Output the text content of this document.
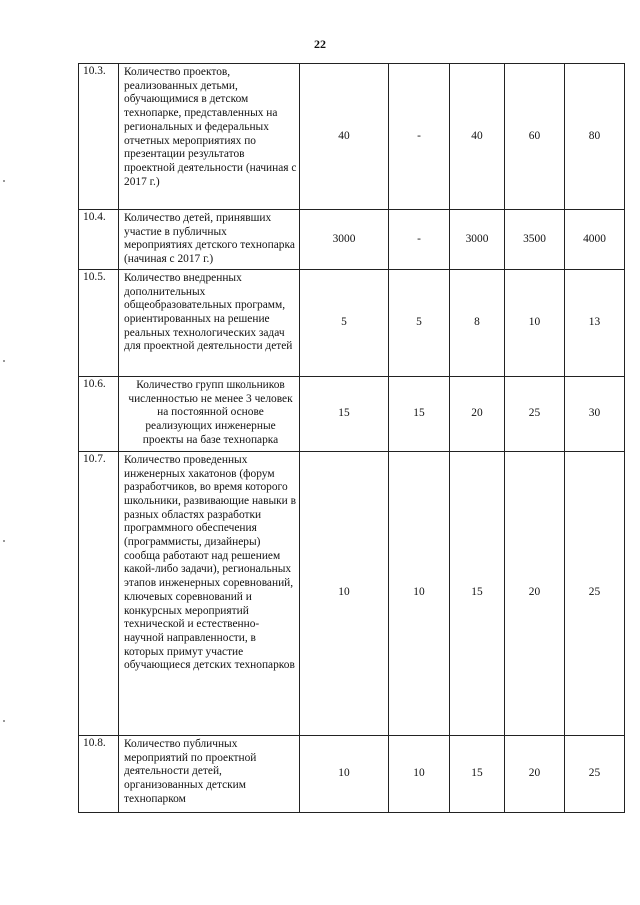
22
10.3.	Количество проектов, реализованных детьми, обучающимися в детском технопарке, представленных на региональных и федеральных отчетных мероприятиях по презентации результатов проектной деятельности (начиная с 2017 г.)	40	-	40	60	80
10.4.	Количество детей, принявших участие в публичных мероприятиях детского технопарка (начиная с 2017 г.)	3000	-	3000	3500	4000
10.5.	Количество внедренных дополнительных общеобразовательных программ, ориентированных на решение реальных технологических задач для проектной деятельности детей	5	5	8	10	13
10.6.	Количество групп школьников численностью не менее 3 человек на постоянной основе реализующих инженерные проекты на базе технопарка	15	15	20	25	30
10.7.	Количество проведенных инженерных хакатонов (форум разработчиков, во время которого школьники, развивающие навыки в разных областях разработки программного обеспечения (программисты, дизайнеры) сообща работают над решением какой-либо задачи), региональных этапов инженерных соревнований, ключевых соревнований и конкурсных мероприятий технической и естественно-научной направленности, в которых примут участие обучающиеся детских технопарков	10	10	15	20	25
10.8.	Количество публичных мероприятий по проектной деятельности детей, организованных детским технопарком	10	10	15	20	25
